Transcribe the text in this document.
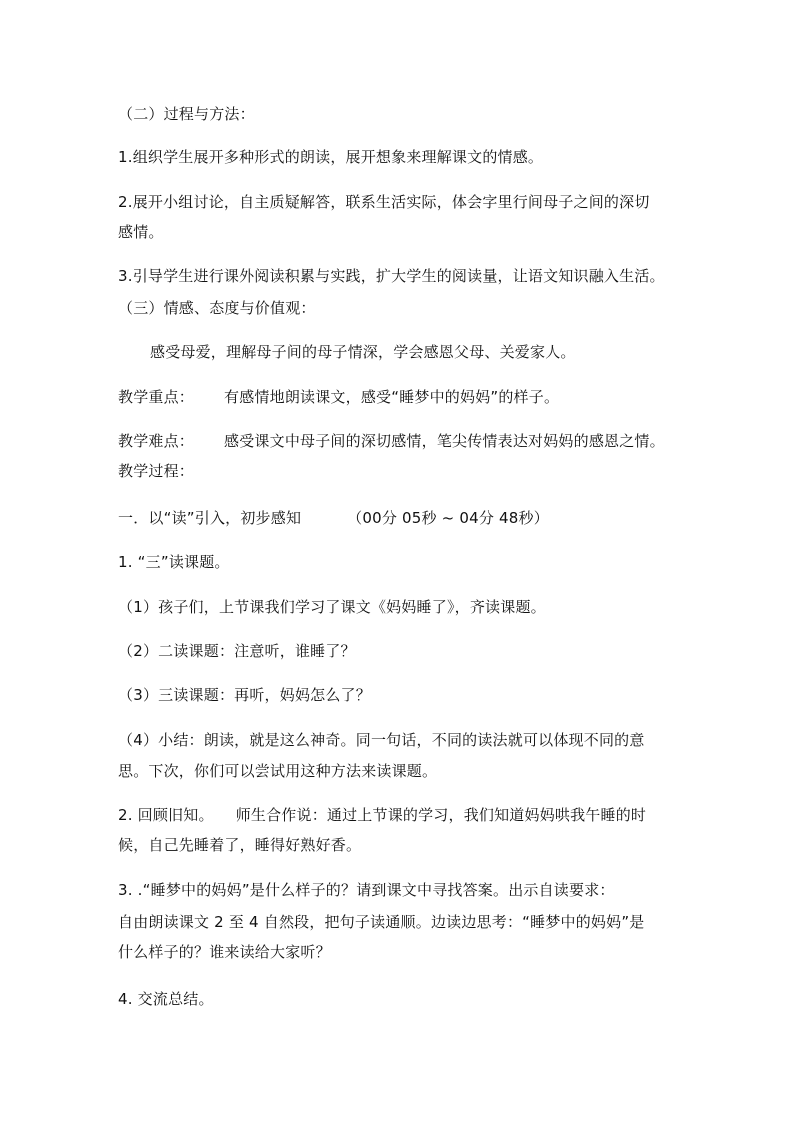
（二）过程与方法：
1.组织学生展开多种形式的朗读，展开想象来理解课文的情感。
2.展开小组讨论，自主质疑解答，联系生活实际，体会字里行间母子之间的深切
感情。
3.引导学生进行课外阅读积累与实践，扩大学生的阅读量，让语文知识融入生活。
（三）情感、态度与价值观：
感受母爱，理解母子间的母子情深，学会感恩父母、关爱家人。
教学重点： 有感情地朗读课文，感受“睡梦中的妈妈”的样子。
教学难点： 感受课文中母子间的深切感情，笔尖传情表达对妈妈的感恩之情。
教学过程：
一．以“读”引入，初步感知	（00分 05秒 ~ 04分 48秒）
1. “三”读课题。
（1）孩子们，上节课我们学习了课文《妈妈睡了》，齐读课题。
（2）二读课题：注意听，谁睡了？
（3）三读课题：再听，妈妈怎么了？
（4）小结：朗读，就是这么神奇。同一句话，不同的读法就可以体现不同的意
思。下次，你们可以尝试用这种方法来读课题。
2. 回顾旧知。 师生合作说：通过上节课的学习，我们知道妈妈哄我午睡的时
候，自己先睡着了，睡得好熟好香。
3. .“睡梦中的妈妈”是什么样子的？请到课文中寻找答案。出示自读要求：
自由朗读课文 2 至 4 自然段，把句子读通顺。边读边思考：“睡梦中的妈妈”是
什么样子的？谁来读给大家听？
4. 交流总结。
